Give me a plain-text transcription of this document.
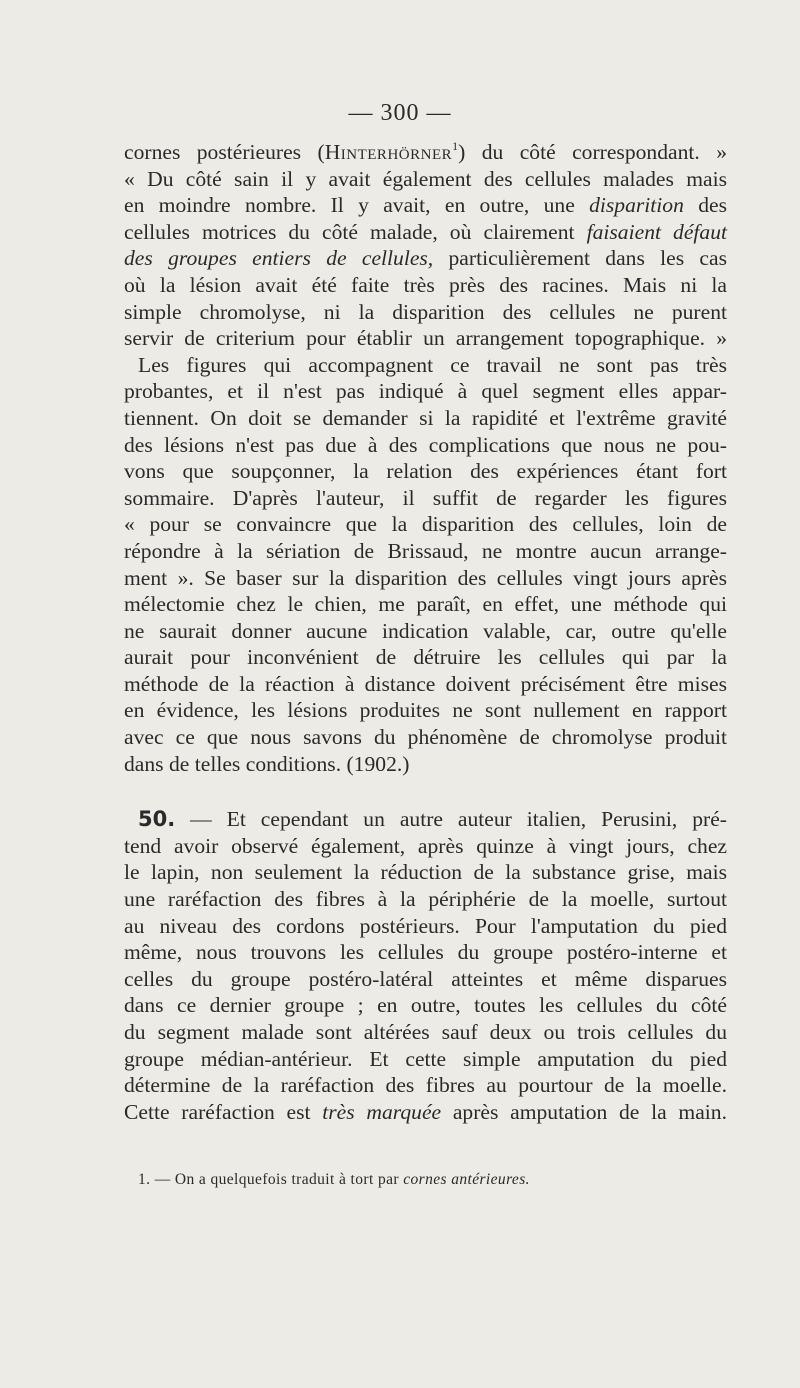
— 300 —
cornes postérieures (Hinterhörner$^1$) du côté correspondant. »
« Du côté sain il y avait également des cellules malades mais
en moindre nombre. Il y avait, en outre, une disparition des
cellules motrices du côté malade, où clairement faisaient défaut
des groupes entiers de cellules, particulièrement dans les cas
où la lésion avait été faite très près des racines. Mais ni la
simple chromolyse, ni la disparition des cellules ne purent
servir de criterium pour établir un arrangement topographique. »
Les figures qui accompagnent ce travail ne sont pas très
probantes, et il n'est pas indiqué à quel segment elles appar-
tiennent. On doit se demander si la rapidité et l'extrême gravité
des lésions n'est pas due à des complications que nous ne pou-
vons que soupçonner, la relation des expériences étant fort
sommaire. D'après l'auteur, il suffit de regarder les figures
« pour se convaincre que la disparition des cellules, loin de
répondre à la sériation de Brissaud, ne montre aucun arrange-
ment ». Se baser sur la disparition des cellules vingt jours après
mélectomie chez le chien, me paraît, en effet, une méthode qui
ne saurait donner aucune indication valable, car, outre qu'elle
aurait pour inconvénient de détruire les cellules qui par la
méthode de la réaction à distance doivent précisément être mises
en évidence, les lésions produites ne sont nullement en rapport
avec ce que nous savons du phénomène de chromolyse produit
dans de telles conditions. (1902.)
50. — Et cependant un autre auteur italien, Perusini, pré-
tend avoir observé également, après quinze à vingt jours, chez
le lapin, non seulement la réduction de la substance grise, mais
une raréfaction des fibres à la périphérie de la moelle, surtout
au niveau des cordons postérieurs. Pour l'amputation du pied
même, nous trouvons les cellules du groupe postéro-interne et
celles du groupe postéro-latéral atteintes et même disparues
dans ce dernier groupe ; en outre, toutes les cellules du côté
du segment malade sont altérées sauf deux ou trois cellules du
groupe médian-antérieur. Et cette simple amputation du pied
détermine de la raréfaction des fibres au pourtour de la moelle.
Cette raréfaction est très marquée après amputation de la main.
1. — On a quelquefois traduit à tort par cornes antérieures.
